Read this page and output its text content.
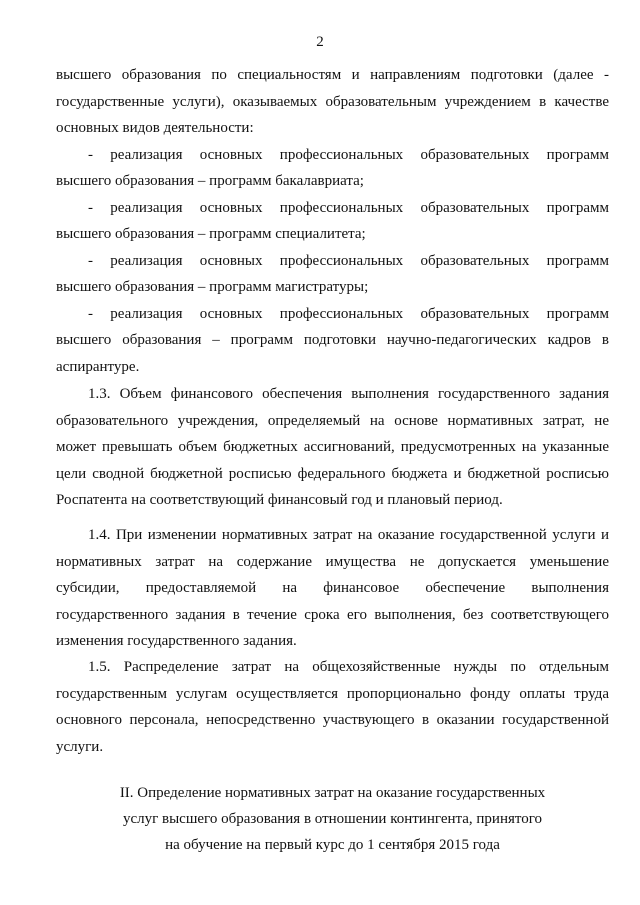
2
высшего образования по специальностям и направлениям подготовки (далее -
государственные услуги), оказываемых образовательным учреждением в качестве
основных видов деятельности:
- реализация основных профессиональных образовательных программ
высшего образования – программ бакалавриата;
- реализация основных профессиональных образовательных программ
высшего образования – программ специалитета;
- реализация основных профессиональных образовательных программ
высшего образования – программ магистратуры;
- реализация основных профессиональных образовательных программ
высшего образования – программ подготовки научно-педагогических кадров в
аспирантуре.
1.3. Объем финансового обеспечения выполнения государственного задания
образовательного учреждения, определяемый на основе нормативных затрат, не
может превышать объем бюджетных ассигнований, предусмотренных на указанные
цели сводной бюджетной росписью федерального бюджета и бюджетной росписью
Роспатента на соответствующий финансовый год и плановый период.
1.4. При изменении нормативных затрат на оказание государственной услуги и
нормативных затрат на содержание имущества не допускается уменьшение
субсидии, предоставляемой на финансовое обеспечение выполнения
государственного задания в течение срока его выполнения, без соответствующего
изменения государственного задания.
1.5. Распределение затрат на общехозяйственные нужды по отдельным
государственным услугам осуществляется пропорционально фонду оплаты труда
основного персонала, непосредственно участвующего в оказании государственной
услуги.
II. Определение нормативных затрат на оказание государственных
услуг высшего образования в отношении контингента, принятого
на обучение на первый курс до 1 сентября 2015 года
